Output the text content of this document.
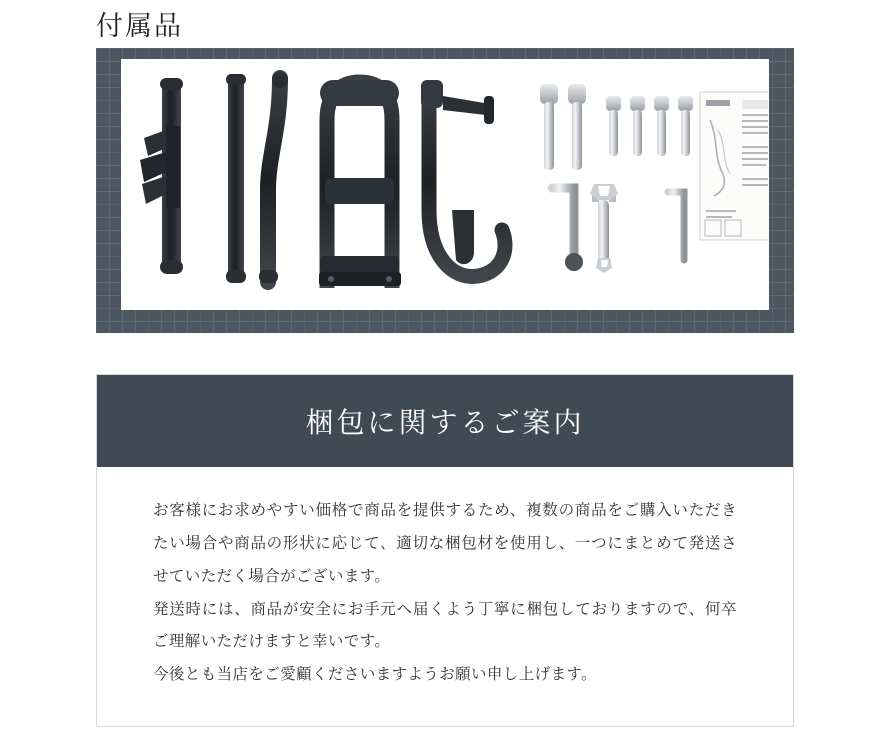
付属品
梱包に関するご案内

お客様にお求めやすい価格で商品を提供するため、複数の商品をご購入いただきたい場合や商品の形状に応じて、適切な梱包材を使用し、一つにまとめて発送させていただく場合がございます。

発送時には、商品が安全にお手元へ届くよう丁寧に梱包しておりますので、何卒ご理解いただけますと幸いです。

今後とも当店をご愛顧くださいますようお願い申し上げます。
